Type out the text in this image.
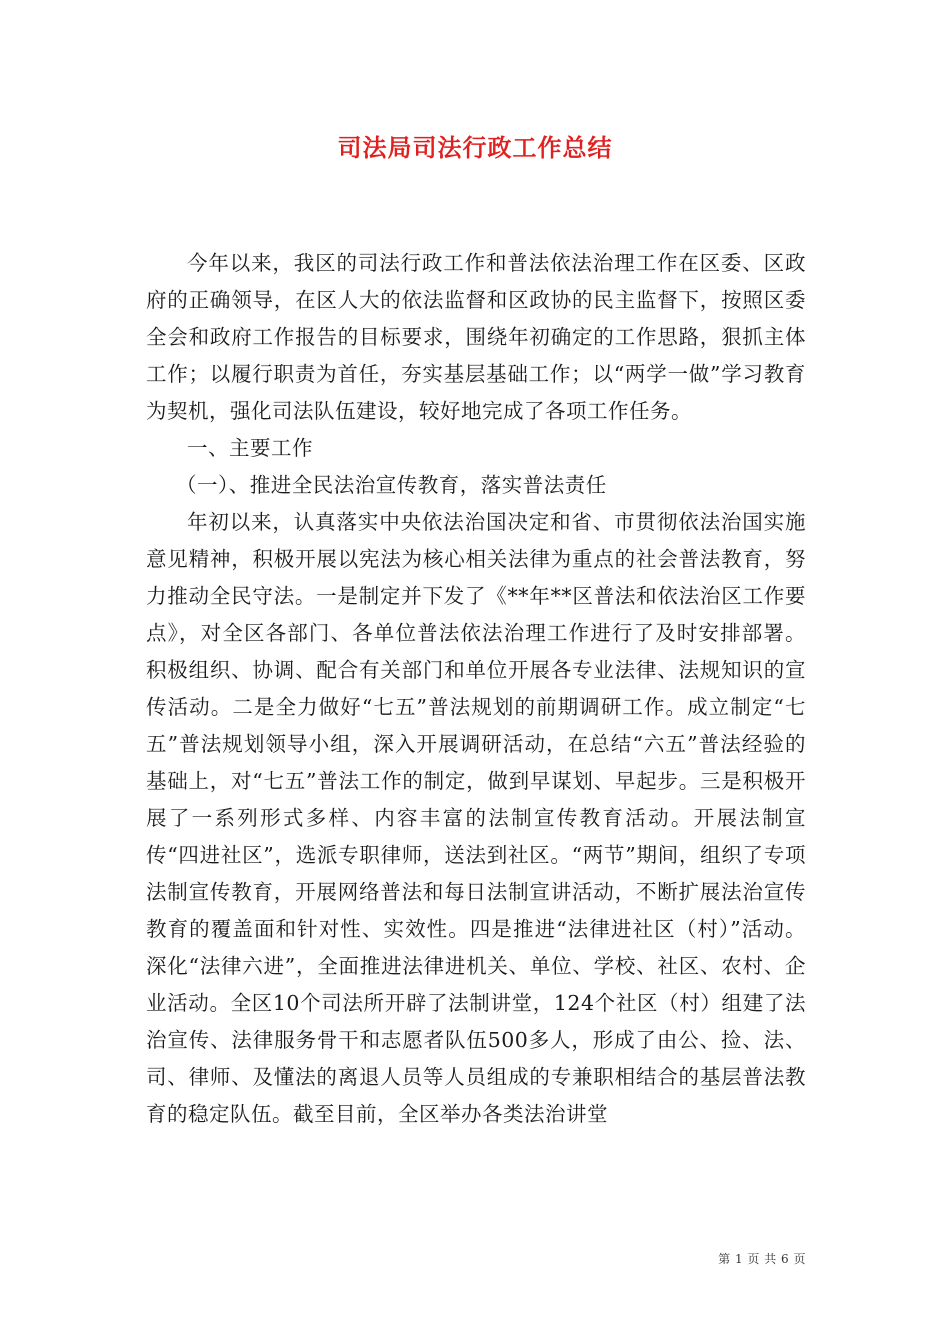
司法局司法行政工作总结

今年以来，我区的司法行政工作和普法依法治理工作在区委、区政府的正确领导，在区人大的依法监督和区政协的民主监督下，按照区委全会和政府工作报告的目标要求，围绕年初确定的工作思路，狠抓主体工作；以履行职责为首任，夯实基层基础工作；以“两学一做”学习教育为契机，强化司法队伍建设，较好地完成了各项工作任务。

一、主要工作

（一）、推进全民法治宣传教育，落实普法责任

年初以来，认真落实中央依法治国决定和省、市贯彻依法治国实施意见精神，积极开展以宪法为核心相关法律为重点的社会普法教育，努力推动全民守法。一是制定并下发了《**年**区普法和依法治区工作要点》，对全区各部门、各单位普法依法治理工作进行了及时安排部署。积极组织、协调、配合有关部门和单位开展各专业法律、法规知识的宣传活动。二是全力做好“七五”普法规划的前期调研工作。成立制定“七五”普法规划领导小组，深入开展调研活动，在总结“六五”普法经验的基础上，对“七五”普法工作的制定，做到早谋划、早起步。三是积极开展了一系列形式多样、内容丰富的法制宣传教育活动。开展法制宣传“四进社区”，选派专职律师，送法到社区。“两节”期间，组织了专项法制宣传教育，开展网络普法和每日法制宣讲活动，不断扩展法治宣传教育的覆盖面和针对性、实效性。四是推进“法律进社区（村）”活动。深化“法律六进”，全面推进法律进机关、单位、学校、社区、农村、企业活动。全区10个司法所开辟了法制讲堂，124个社区（村）组建了法治宣传、法律服务骨干和志愿者队伍500多人，形成了由公、捡、法、司、律师、及懂法的离退人员等人员组成的专兼职相结合的基层普法教育的稳定队伍。截至目前，全区举办各类法治讲堂

第 1 页 共 6 页
